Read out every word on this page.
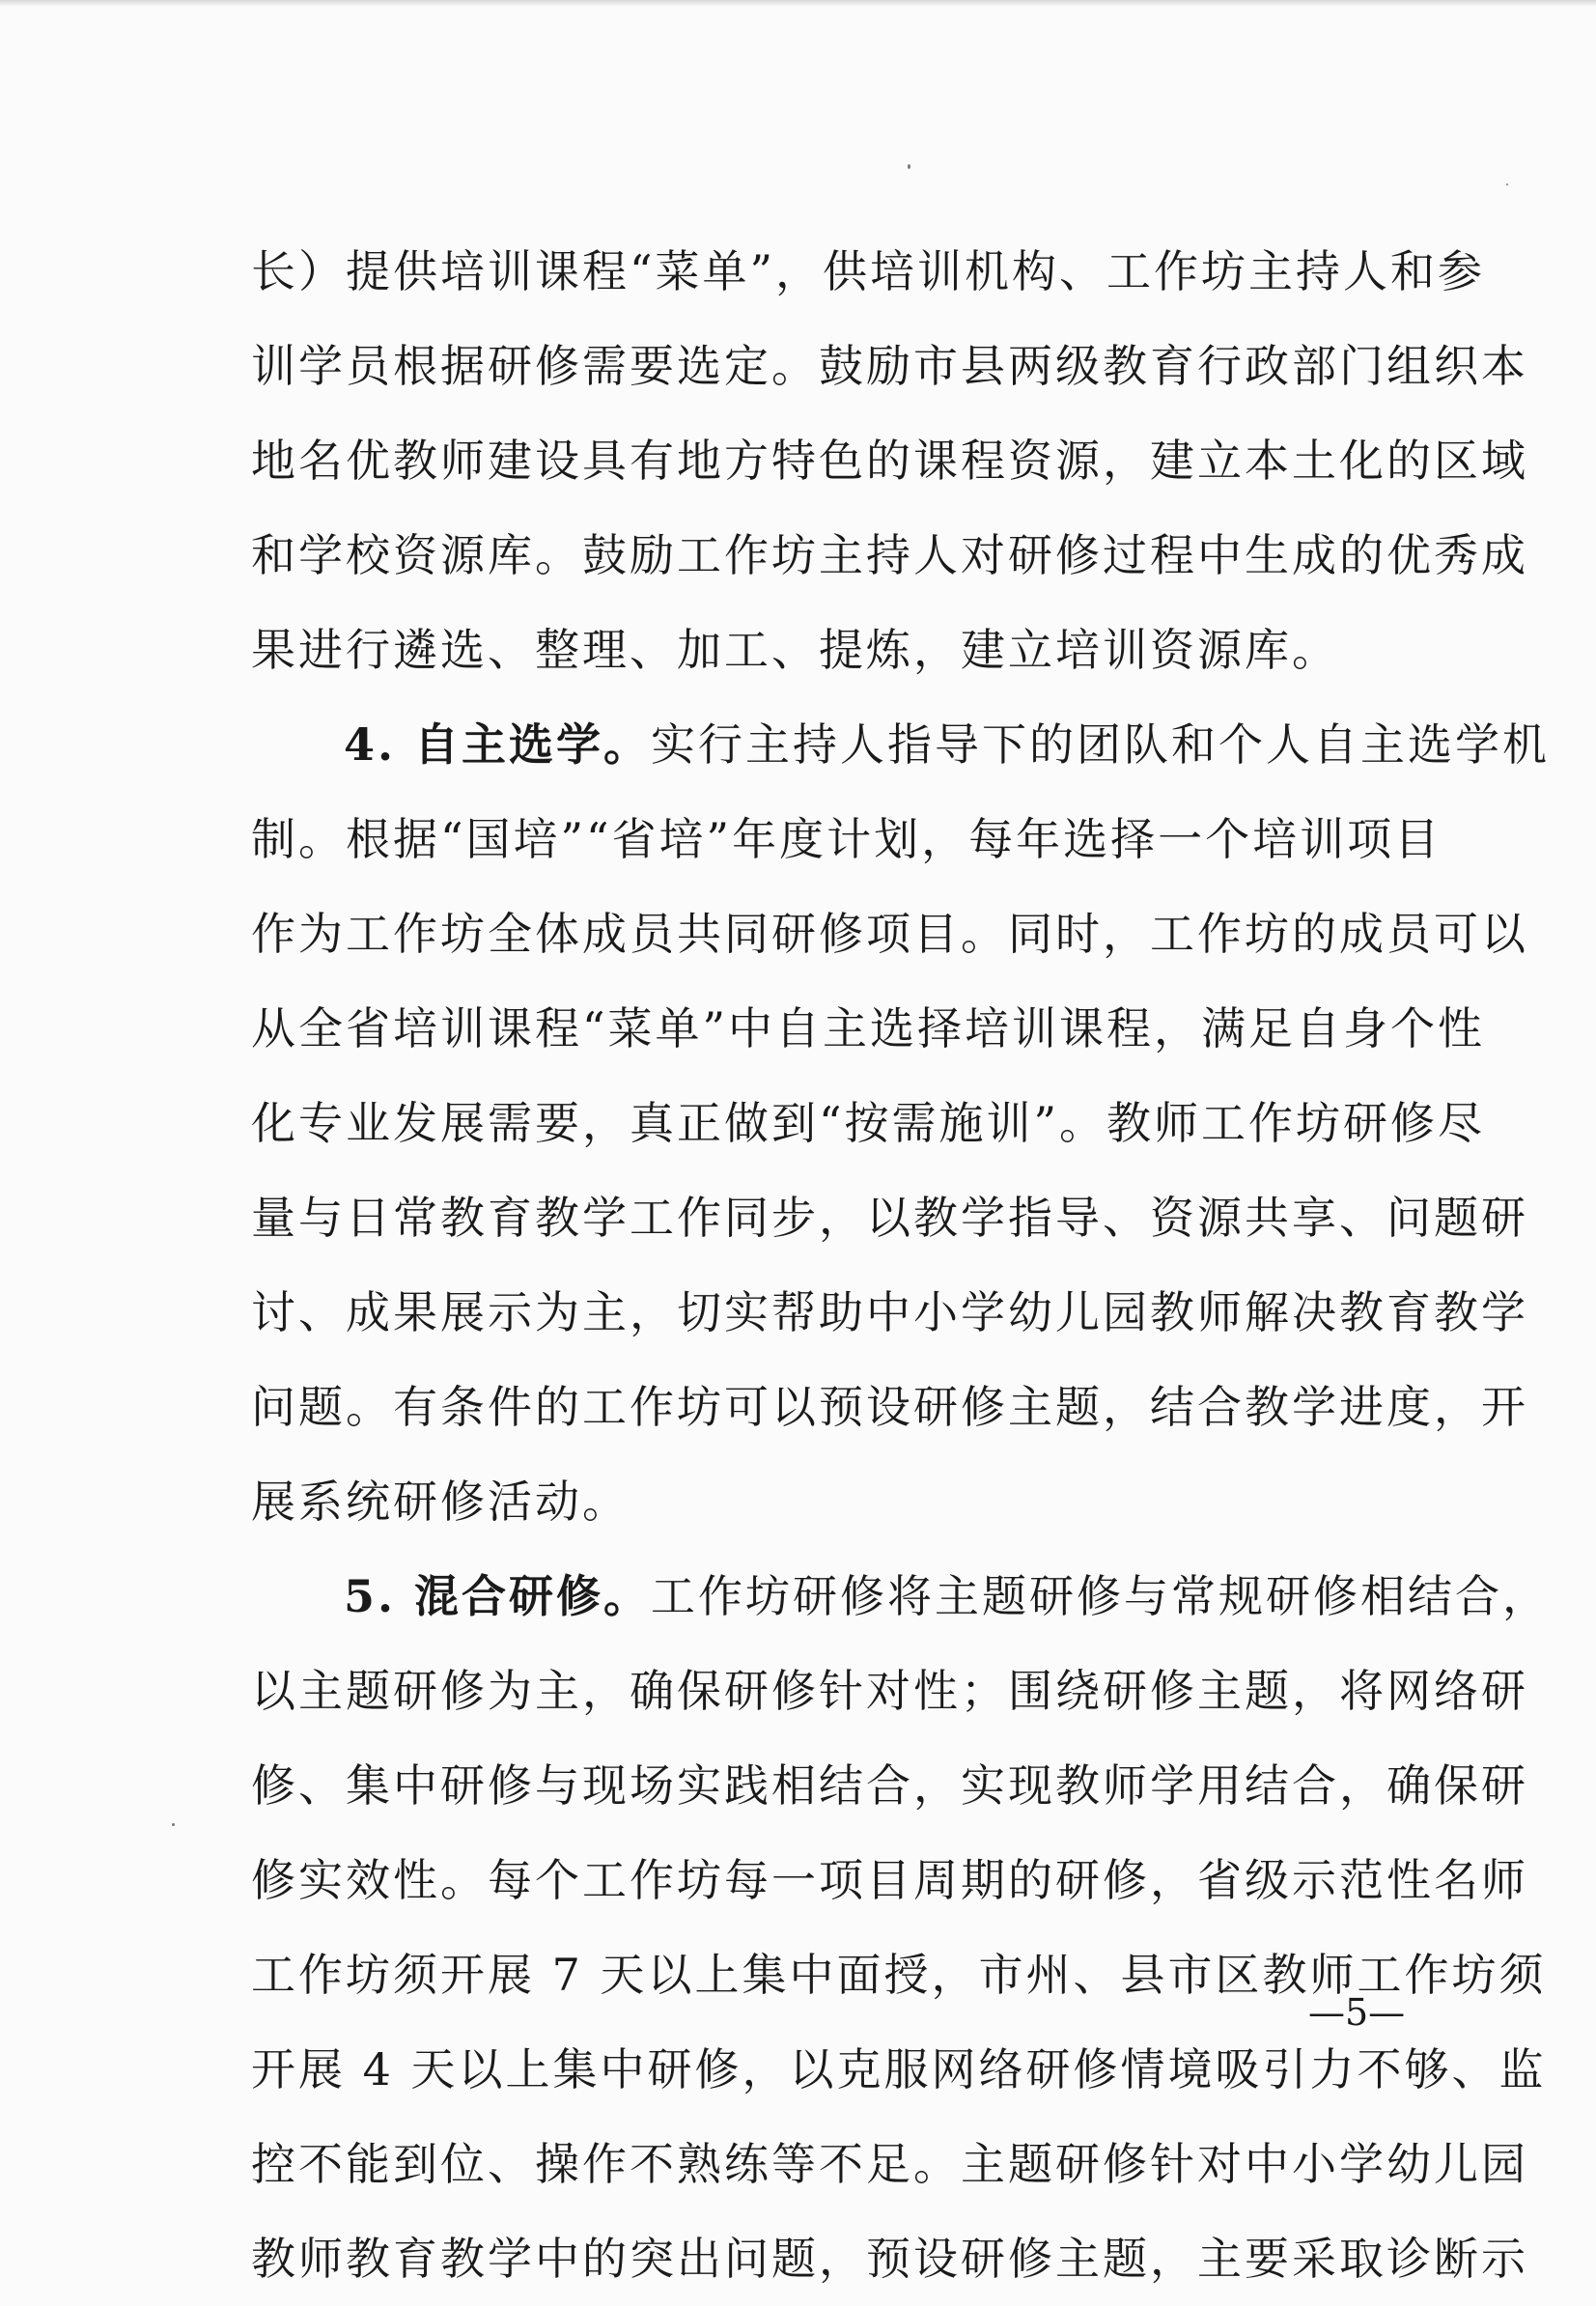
长）提供培训课程“菜单”，供培训机构、工作坊主持人和参
训学员根据研修需要选定。鼓励市县两级教育行政部门组织本
地名优教师建设具有地方特色的课程资源，建立本土化的区域
和学校资源库。鼓励工作坊主持人对研修过程中生成的优秀成
果进行遴选、整理、加工、提炼，建立培训资源库。
4. 自主选学。实行主持人指导下的团队和个人自主选学机
制。根据“国培”“省培”年度计划，每年选择一个培训项目
作为工作坊全体成员共同研修项目。同时，工作坊的成员可以
从全省培训课程“菜单”中自主选择培训课程，满足自身个性
化专业发展需要，真正做到“按需施训”。教师工作坊研修尽
量与日常教育教学工作同步，以教学指导、资源共享、问题研
讨、成果展示为主，切实帮助中小学幼儿园教师解决教育教学
问题。有条件的工作坊可以预设研修主题，结合教学进度，开
展系统研修活动。
5. 混合研修。工作坊研修将主题研修与常规研修相结合，
以主题研修为主，确保研修针对性；围绕研修主题，将网络研
修、集中研修与现场实践相结合，实现教师学用结合，确保研
修实效性。每个工作坊每一项目周期的研修，省级示范性名师
工作坊须开展 7 天以上集中面授，市州、县市区教师工作坊须
开展 4 天以上集中研修，以克服网络研修情境吸引力不够、监
控不能到位、操作不熟练等不足。主题研修针对中小学幼儿园
教师教育教学中的突出问题，预设研修主题，主要采取诊断示
—5—
